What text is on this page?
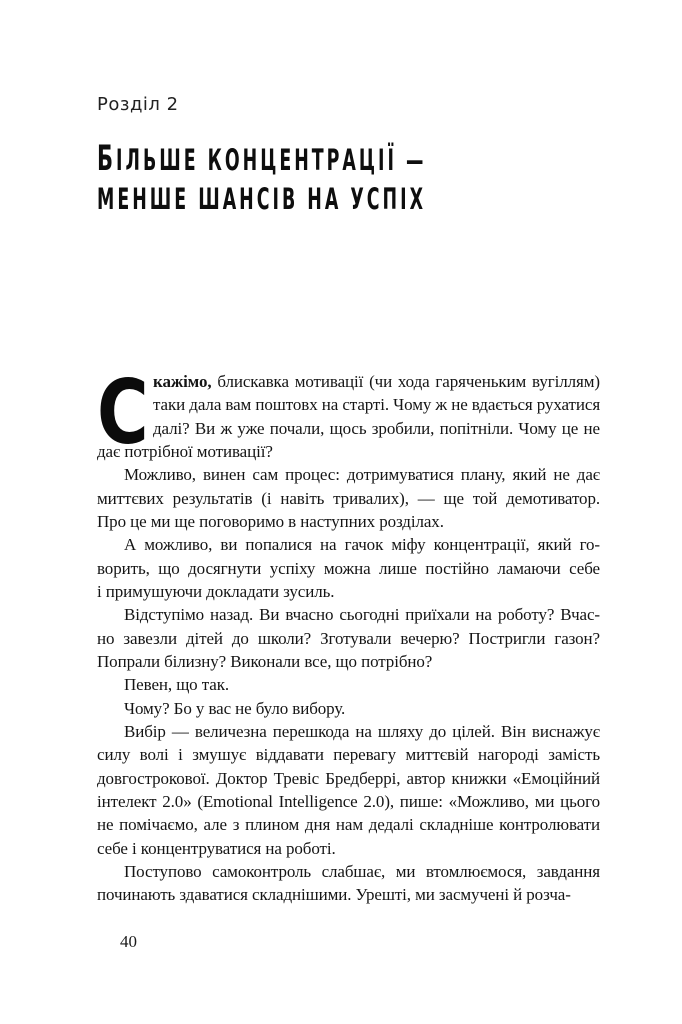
Розділ 2
БІЛЬШЕ КОНЦЕНТРАЦІЇ —
МЕНШЕ ШАНСІВ НА УСПІХ
кажімо, блискавка мотивації (чи хода гаряченьким вугіллям)
таки дала вам поштовх на старті. Чому ж не вдається рухатися
далі? Ви ж уже почали, щось зробили, попітніли. Чому це не
дає потрібної мотивації?
С
Можливо, винен сам процес: дотримуватися плану, який не дає
миттєвих результатів (і навіть тривалих), — ще той демотиватор.
Про це ми ще поговоримо в наступних розділах.
А можливо, ви попалися на гачок міфу концентрації, який го-
ворить, що досягнути успіху можна лише постійно ламаючи себе
і примушуючи докладати зусиль.
Відступімо назад. Ви вчасно сьогодні приїхали на роботу? Вчас-
но завезли дітей до школи? Зготували вечерю? Постригли газон?
Попрали білизну? Виконали все, що потрібно?
Певен, що так.
Чому? Бо у вас не було вибору.
Вибір — величезна перешкода на шляху до цілей. Він виснажує
силу волі і змушує віддавати перевагу миттєвій нагороді замість
довгострокової. Доктор Тревіс Бредберрі, автор книжки «Емоційний
інтелект 2.0» (Emotional Intelligence 2.0), пише: «Можливо, ми цього
не помічаємо, але з плином дня нам дедалі складніше контролювати
себе і концентруватися на роботі.
Поступово самоконтроль слабшає, ми втомлюємося, завдання
починають здаватися складнішими. Урешті, ми засмучені й розча-
40
